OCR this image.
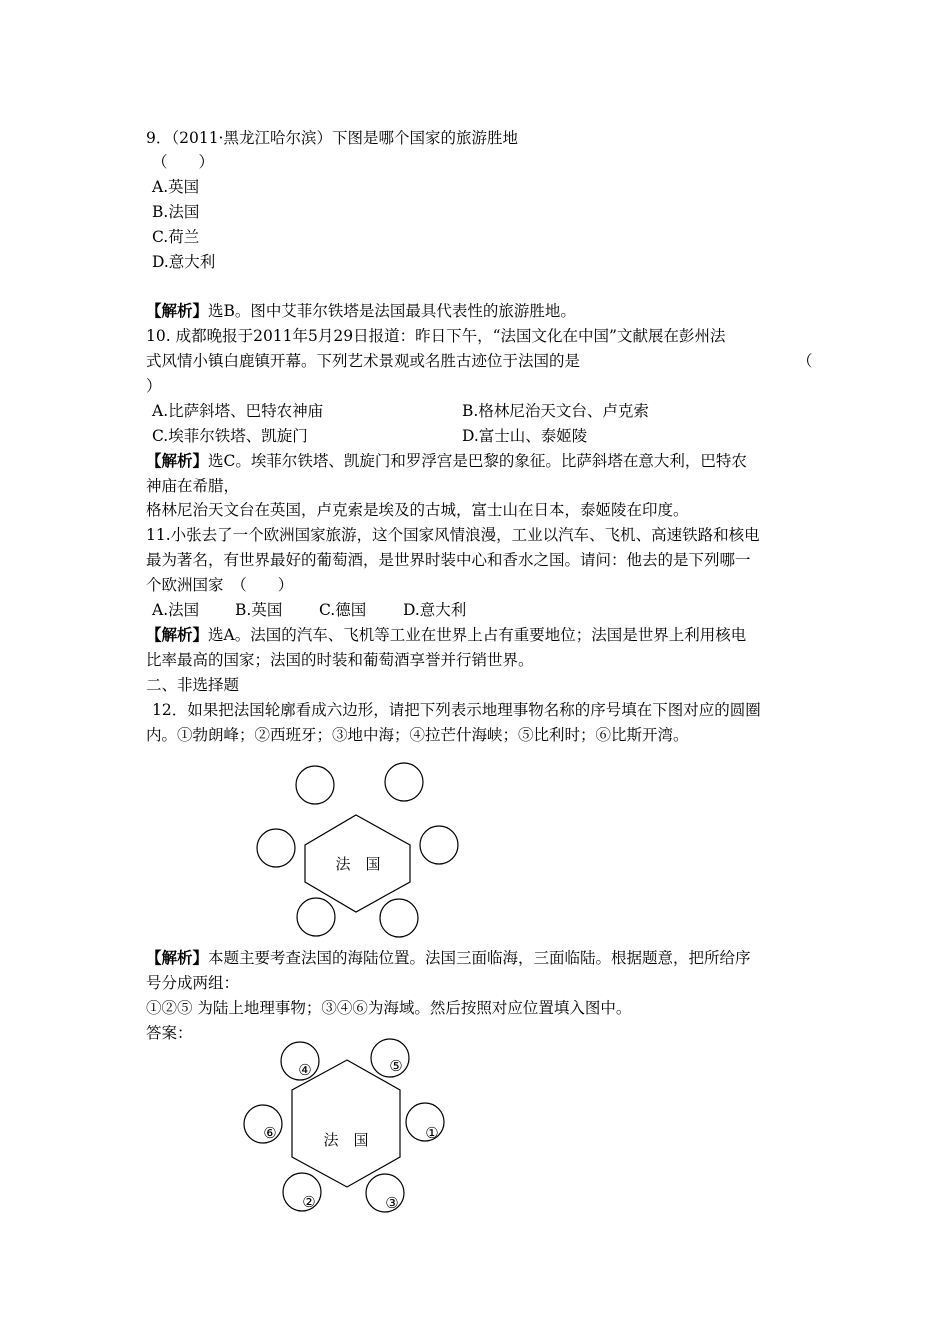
9．（2011·黑龙江哈尔滨）下图是哪个国家的旅游胜地
（　　）
A.英国
B.法国
C.荷兰
D.意大利
【解析】选B。图中艾菲尔铁塔是法国最具代表性的旅游胜地。
10. 成都晚报于2011年5月29日报道：昨日下午，“法国文化在中国”文献展在彭州法
式风情小镇白鹿镇开幕。下列艺术景观或名胜古迹位于法国的是	（
）
A.比萨斜塔、巴特农神庙	B.格林尼治天文台、卢克索
C.埃菲尔铁塔、凯旋门	D.富士山、泰姬陵
【解析】选C。埃菲尔铁塔、凯旋门和罗浮宫是巴黎的象征。比萨斜塔在意大利，巴特农
神庙在希腊，
格林尼治天文台在英国，卢克索是埃及的古城，富士山在日本，泰姬陵在印度。
11.小张去了一个欧洲国家旅游，这个国家风情浪漫，工业以汽车、飞机、高速铁路和核电
最为著名，有世界最好的葡萄酒，是世界时装中心和香水之国。请问：他去的是下列哪一
个欧洲国家　（　　）
A.法国 B.英国 C.德国 D.意大利
【解析】选A。法国的汽车、飞机等工业在世界上占有重要地位；法国是世界上利用核电
比率最高的国家；法国的时装和葡萄酒享誉并行销世界。
二、非选择题
12．如果把法国轮廓看成六边形，请把下列表示地理事物名称的序号填在下图对应的圆圈
内。①勃朗峰；②西班牙；③地中海；④拉芒什海峡；⑤比利时；⑥比斯开湾。
法　国
法　国
④	⑤
⑥	①
②	③
【解析】本题主要考查法国的海陆位置。法国三面临海，三面临陆。根据题意，把所给序
号分成两组：
①②⑤ 为陆上地理事物；③④⑥为海域。然后按照对应位置填入图中。
答案：
